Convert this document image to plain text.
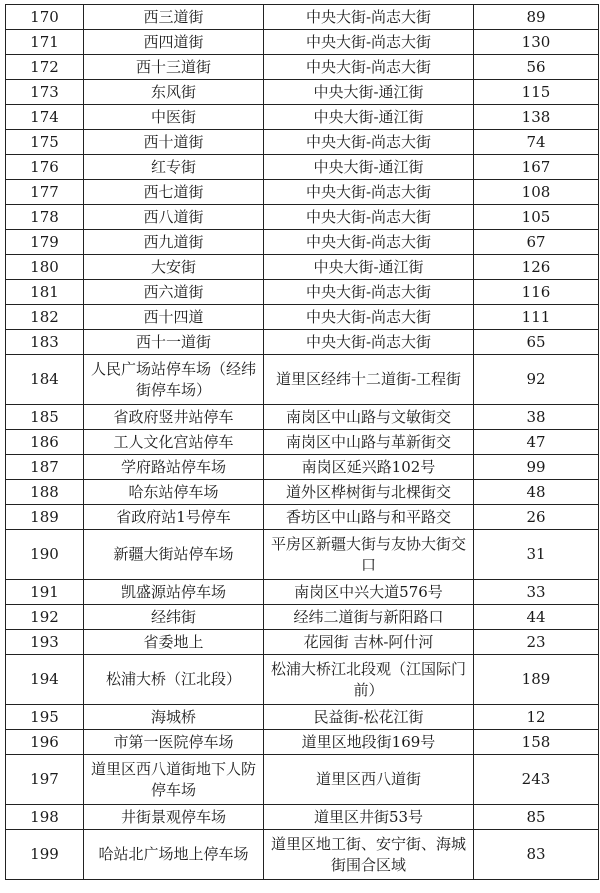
170	西三道街	中央大街-尚志大街	89
171	西四道街	中央大街-尚志大街	130
172	西十三道街	中央大街-尚志大街	56
173	东风街	中央大街-通江街	115
174	中医街	中央大街-通江街	138
175	西十道街	中央大街-尚志大街	74
176	红专街	中央大街-通江街	167
177	西七道街	中央大街-尚志大街	108
178	西八道街	中央大街-尚志大街	105
179	西九道街	中央大街-尚志大街	67
180	大安街	中央大街-通江街	126
181	西六道街	中央大街-尚志大街	116
182	西十四道	中央大街-尚志大街	111
183	西十一道街	中央大街-尚志大街	65
184	人民广场站停车场（经纬街停车场）	道里区经纬十二道街-工程街	92
185	省政府竖井站停车	南岗区中山路与文敏街交	38
186	工人文化宫站停车	南岗区中山路与革新街交	47
187	学府路站停车场	南岗区延兴路102号	99
188	哈东站停车场	道外区桦树街与北棵街交	48
189	省政府站1号停车	香坊区中山路与和平路交	26
190	新疆大街站停车场	平房区新疆大街与友协大街交口	31
191	凯盛源站停车场	南岗区中兴大道576号	33
192	经纬街	经纬二道街与新阳路口	44
193	省委地上	花园街 吉林-阿什河	23
194	松浦大桥（江北段）	松浦大桥江北段观（江国际门前）	189
195	海城桥	民益街-松花江街	12
196	市第一医院停车场	道里区地段街169号	158
197	道里区西八道街地下人防停车场	道里区西八道街	243
198	井街景观停车场	道里区井街53号	85
199	哈站北广场地上停车场	道里区地工街、安宁街、海城街围合区域	83
